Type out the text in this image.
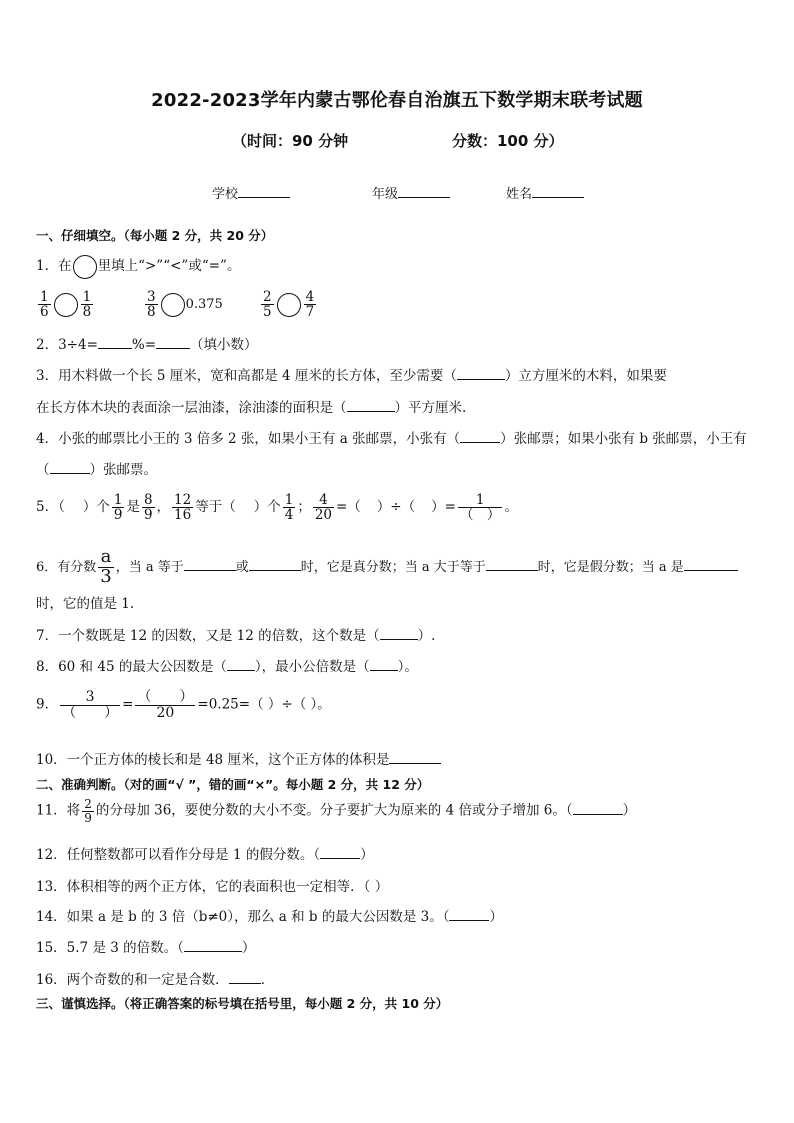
2022-2023学年内蒙古鄂伦春自治旗五下数学期末联考试题
（时间：90 分钟	分数：100 分）
学校	年级	姓名
一、仔细填空。（每小题 2 分，共 20 分）
1．在 里填上“>”“<”或“=”。
$\frac{1}{6} \frac{1}{8}$	$\frac{3}{8} 0.375$	$\frac{2}{5} \frac{4}{7}$
2．3÷4=	%=	（填小数）
3．用木料做一个长 5 厘米，宽和高都是 4 厘米的长方体，至少需要（	）立方厘米的木料，如果要
在长方体木块的表面涂一层油漆，涂油漆的面积是（	）平方厘米.
4．小张的邮票比小王的 3 倍多 2 张，如果小王有 a 张邮票，小张有（	）张邮票；如果小张有 b 张邮票，小王有
（	）张邮票。
5．（ ）个 $\frac{1}{9}$ 是 $\frac{8}{9}$ ， $\frac{12}{16}$ 等于（ ）个 $\frac{1}{4}$ ； $\frac{4}{20}$ =（ ）÷（ ）= $\frac{1}{( )}$ 。
6．有分数 $\frac{a}{3}$ ，当 a 等于	或	时，它是真分数；当 a 大于等于	时，它是假分数；当 a 是
时，它的值是 1.
7．一个数既是 12 的因数，又是 12 的倍数，这个数是（	）.
8．60 和 45 的最大公因数是（ ），最小公倍数是（ ）。
9． $\frac{3}{( )} = \frac{( )}{20} =0.25=$（ ）÷（ ）。
10．一个正方体的棱长和是 48 厘米，这个正方体的体积是
二、准确判断。（对的画“√ ”，错的画“×”。每小题 2 分，共 12 分）
11．将 $\frac{2}{9}$ 的分母加 36，要使分数的大小不变。分子要扩大为原来的 4 倍或分子增加 6。（	）
12．任何整数都可以看作分母是 1 的假分数。（	）
13．体积相等的两个正方体，它的表面积也一定相等．（ ）
14．如果 a 是 b 的 3 倍（b≠0），那么 a 和 b 的最大公因数是 3。（	）
15．5.7 是 3 的倍数。（	）
16．两个奇数的和一定是合数． ．
三、谨慎选择。（将正确答案的标号填在括号里，每小题 2 分，共 10 分）
